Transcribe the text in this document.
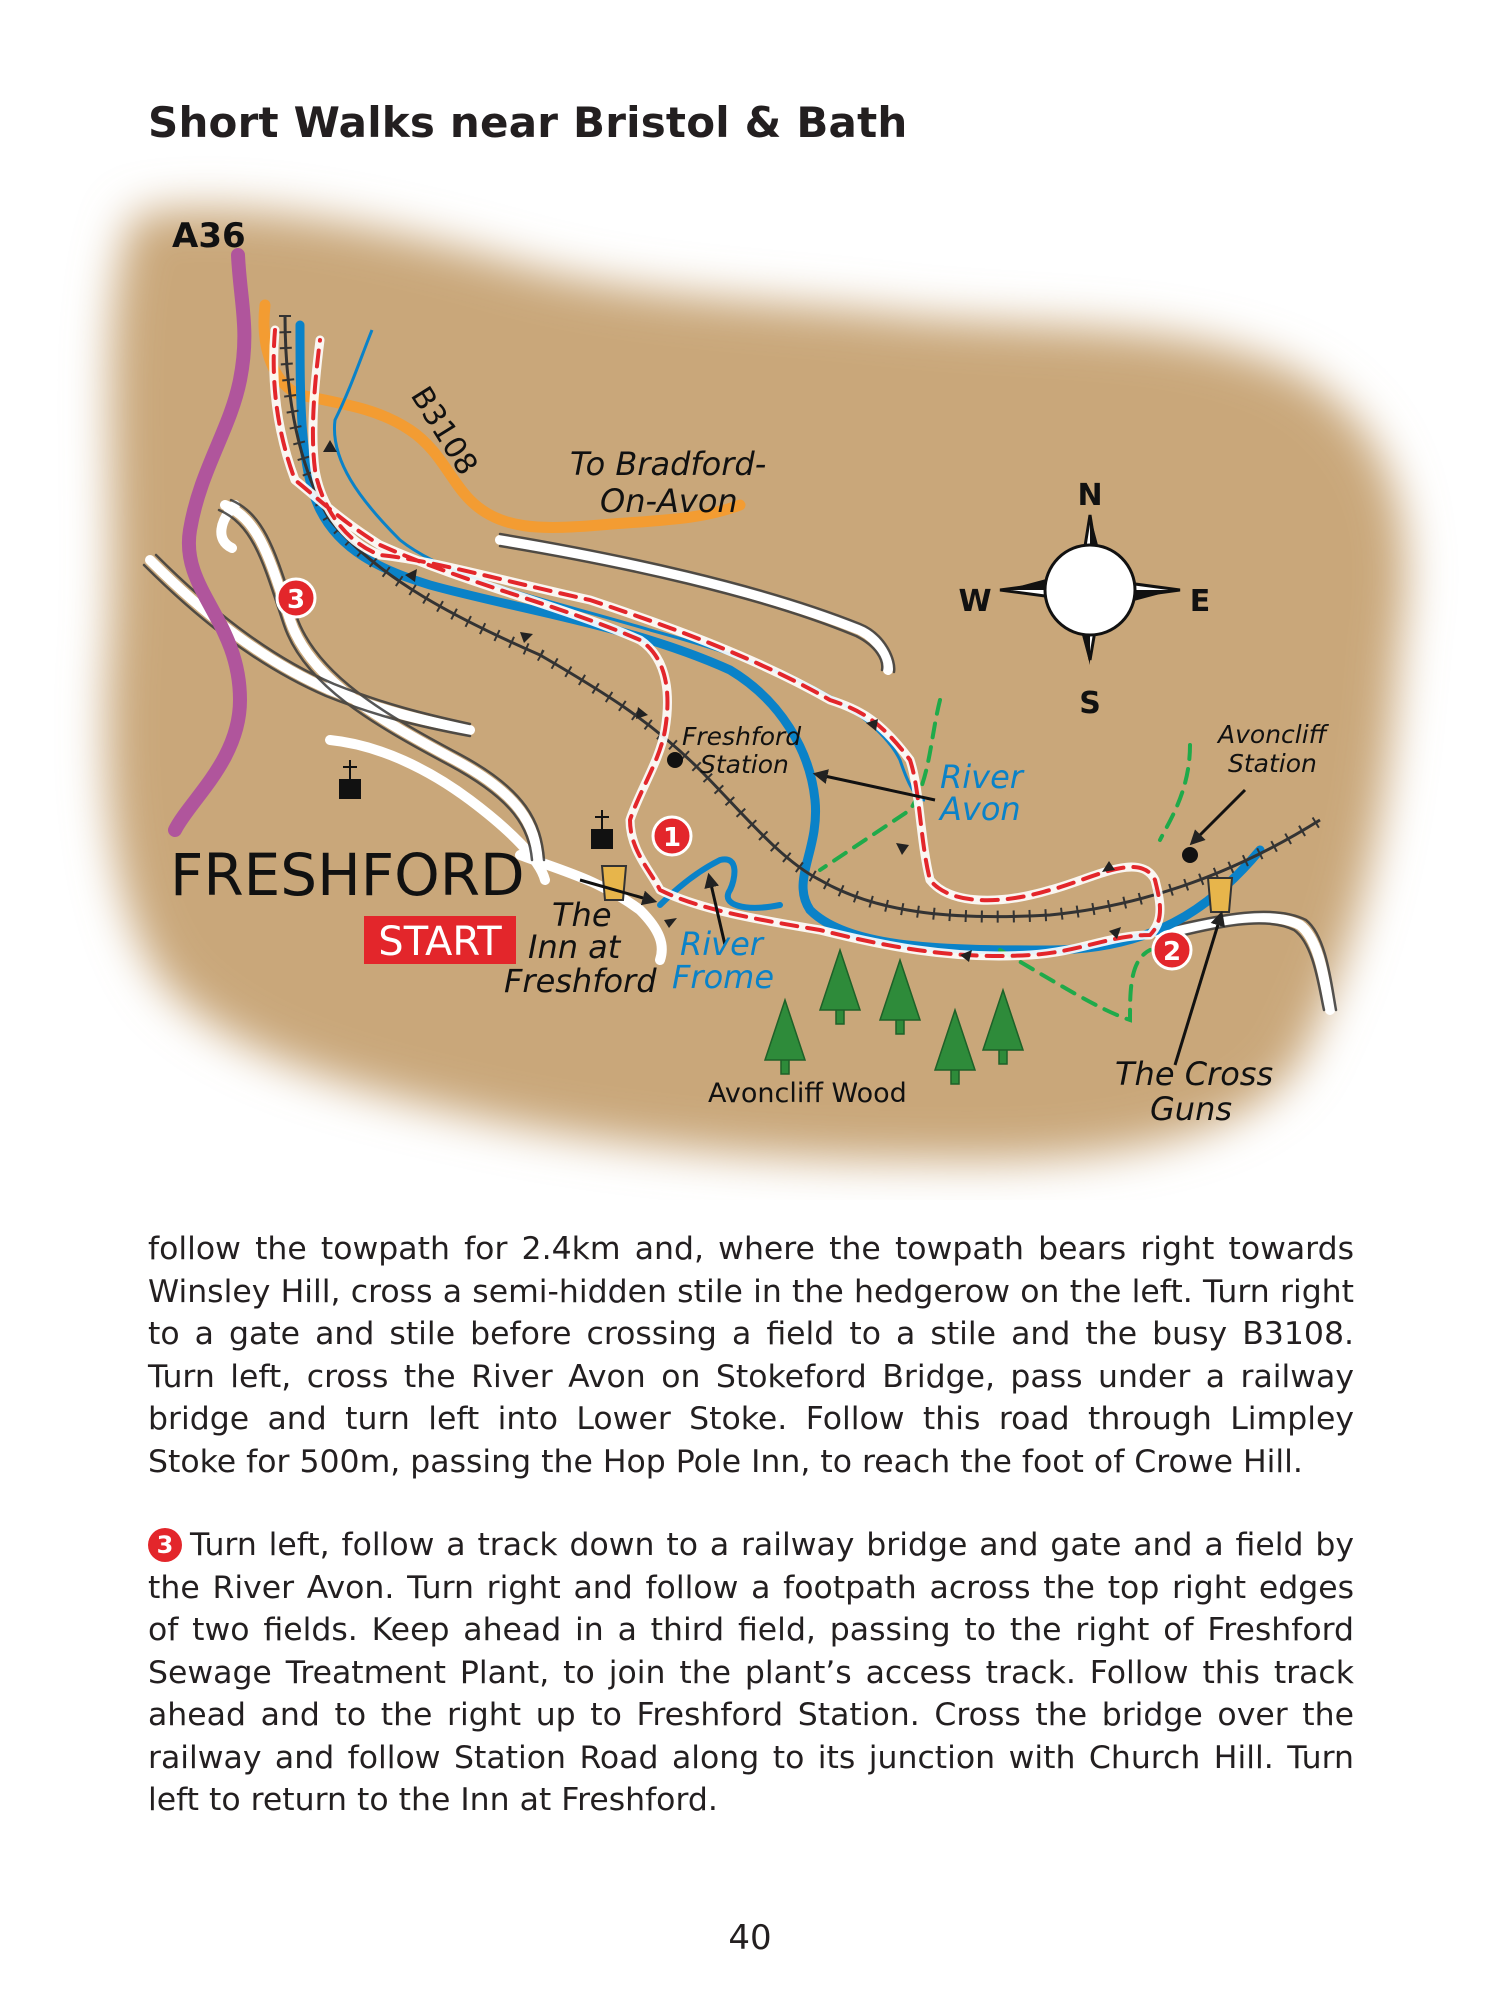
Short Walks near Bristol & Bath
1
2
3
A36
B3108	To Bradford-
On-Avon	N
S
W	E
Freshford
Station
Avoncliff
Station
River
Avon
River
Frome
FRESHFORD
START
The
Inn at
Freshford
Avoncliff Wood
The Cross
Guns
follow the towpath for 2.4km and, where the towpath bears right towards Winsley Hill, cross a semi-hidden stile in the hedgerow on the left. Turn right to a gate and stile before crossing a field to a stile and the busy B3108. Turn left, cross the River Avon on Stokeford Bridge, pass under a railway bridge and turn left into Lower Stoke. Follow this road through Limpley Stoke for 500m, passing the Hop Pole Inn, to reach the foot of Crowe Hill.
3 Turn left, follow a track down to a railway bridge and gate and a field by the River Avon. Turn right and follow a footpath across the top right edges of two fields. Keep ahead in a third field, passing to the right of Freshford Sewage Treatment Plant, to join the plant’s access track. Follow this track ahead and to the right up to Freshford Station. Cross the bridge over the railway and follow Station Road along to its junction with Church Hill. Turn left to return to the Inn at Freshford.
40
